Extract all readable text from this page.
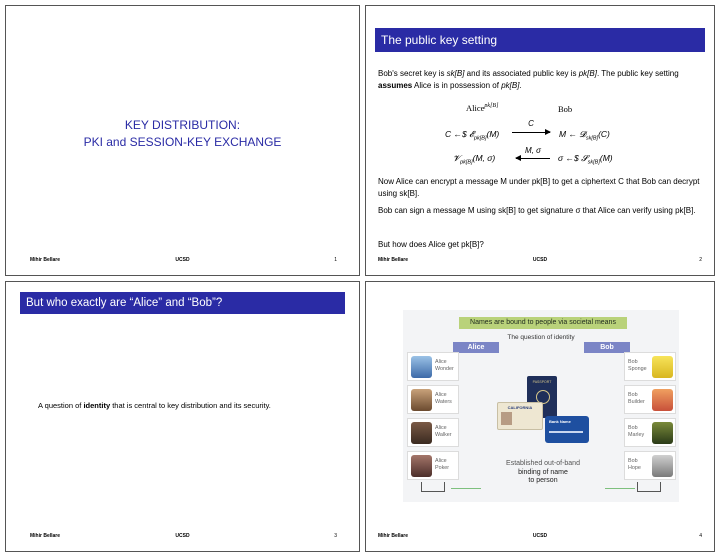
KEY DISTRIBUTION:
PKI and SESSION-KEY EXCHANGE
Mihir Bellare	UCSD	1
The public key setting
Bob's secret key is sk[B] and its associated public key is pk[B]. The public key setting assumes Alice is in possession of pk[B].
Alice$^{pk[B]}$	Bob
C ←$ 𝓔$_{pk[B]}$(M)
C
M ← 𝓓$_{sk[B]}$(C)
𝓥$_{pk[B]}$(M, σ)
M, σ
σ ←$ 𝓢$_{sk[B]}$(M)
Now Alice can encrypt a message M under pk[B] to get a ciphertext C that Bob can decrypt using sk[B].
Bob can sign a message M using sk[B] to get signature σ that Alice can verify using pk[B].
But how does Alice get pk[B]?
Mihir Bellare	UCSD	2
But who exactly are “Alice” and “Bob”?
A question of identity that is central to key distribution and its security.
Mihir Bellare	UCSD	3
Names are bound to people via societal means
The question of identity
Alice	Bob
Alice
Wonder
Alice
Waters
Alice
Walker
Alice
Poker
Bob
Sponge
Bob
Builder
Bob
Marley
Bob
Hope
PASSPORT
CALIFORNIA
Bank Name
Established out-of-band
binding of name
to person
Mihir Bellare	UCSD	4
